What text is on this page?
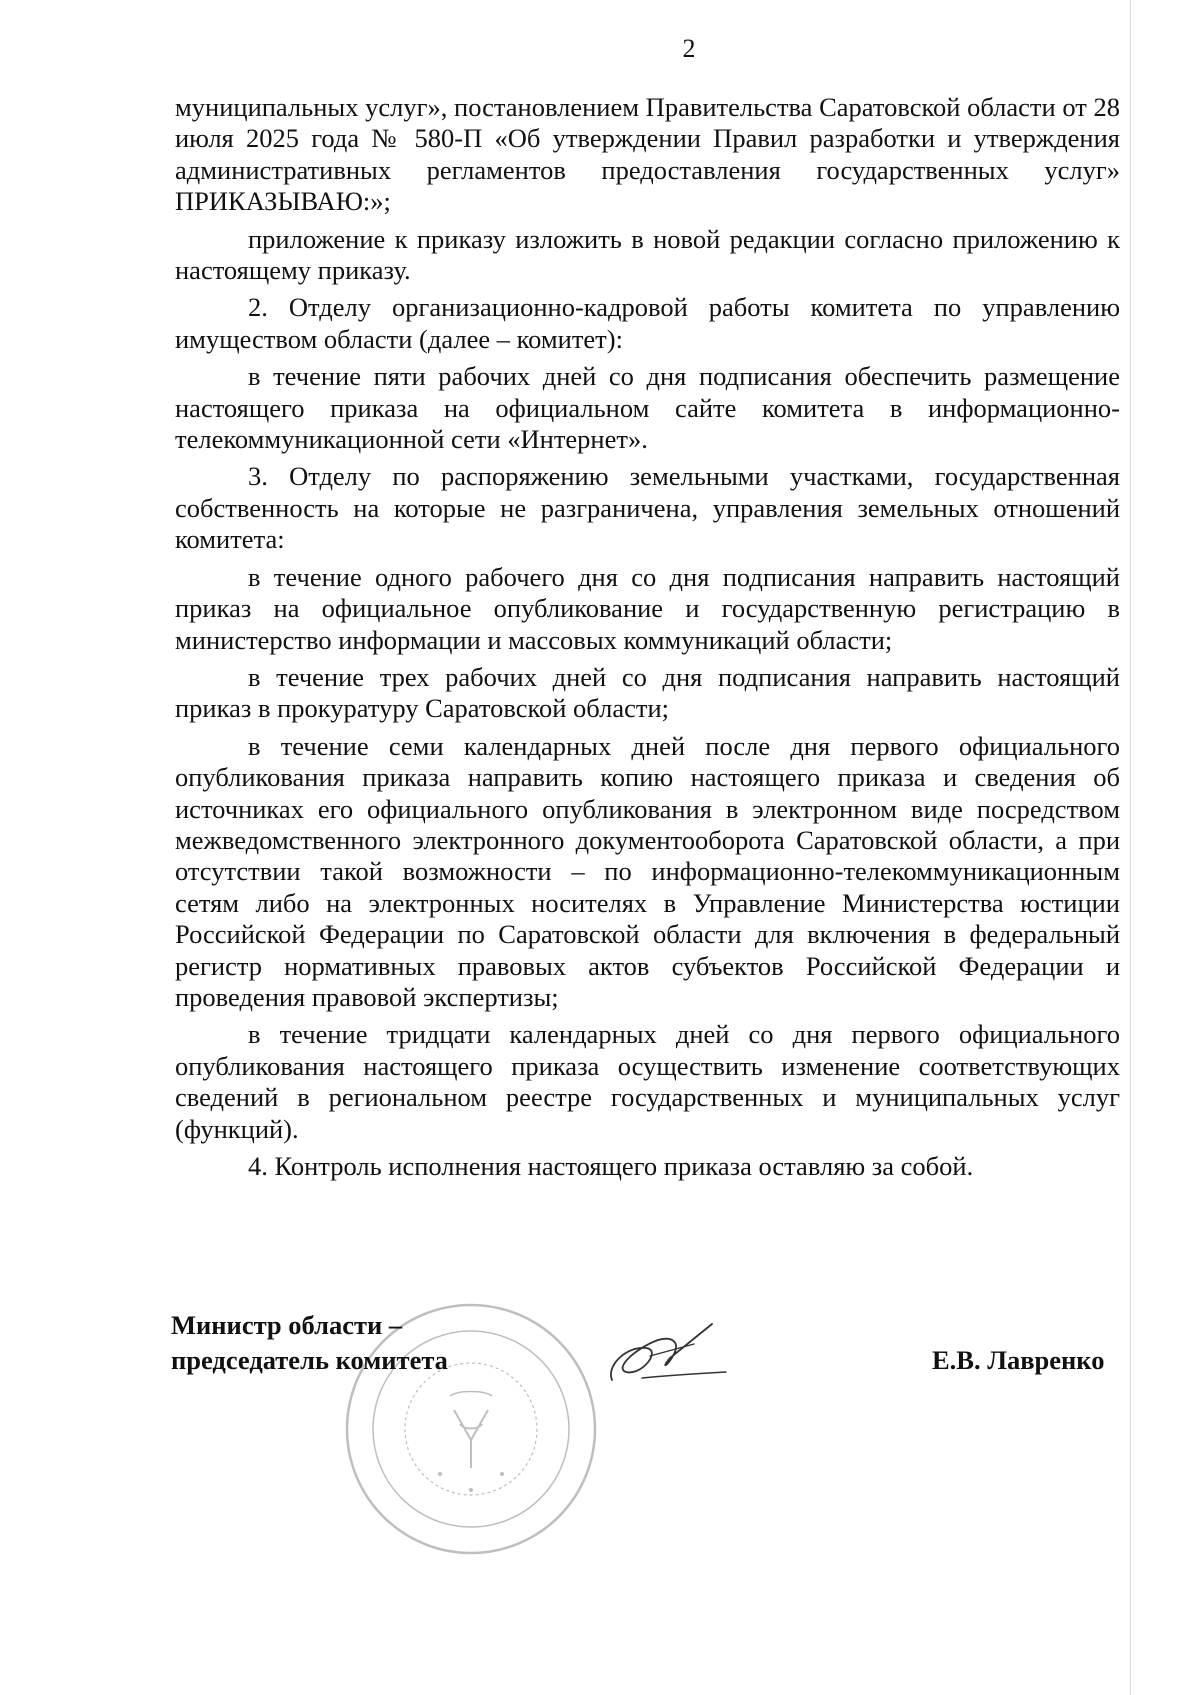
2

муниципальных услуг», постановлением Правительства Саратовской области от 28 июля 2025 года № 580-П «Об утверждении Правил разработки и утверждения административных регламентов предоставления государственных услуг» ПРИКАЗЫВАЮ:»;

приложение к приказу изложить в новой редакции согласно приложению к настоящему приказу.

2. Отделу организационно-кадровой работы комитета по управлению имуществом области (далее – комитет):

в течение пяти рабочих дней со дня подписания обеспечить размещение настоящего приказа на официальном сайте комитета в информационно-телекоммуникационной сети «Интернет».

3. Отделу по распоряжению земельными участками, государственная собственность на которые не разграничена, управления земельных отношений комитета:

в течение одного рабочего дня со дня подписания направить настоящий приказ на официальное опубликование и государственную регистрацию в министерство информации и массовых коммуникаций области;

в течение трех рабочих дней со дня подписания направить настоящий приказ в прокуратуру Саратовской области;

в течение семи календарных дней после дня первого официального опубликования приказа направить копию настоящего приказа и сведения об источниках его официального опубликования в электронном виде посредством межведомственного электронного документооборота Саратовской области, а при отсутствии такой возможности – по информационно-телекоммуникационным сетям либо на электронных носителях в Управление Министерства юстиции Российской Федерации по Саратовской области для включения в федеральный регистр нормативных правовых актов субъектов Российской Федерации и проведения правовой экспертизы;

в течение тридцати календарных дней со дня первого официального опубликования настоящего приказа осуществить изменение соответствующих сведений в региональном реестре государственных и муниципальных услуг (функций).

4. Контроль исполнения настоящего приказа оставляю за собой.

Министр области –
председатель комитета	Е.В. Лавренко
